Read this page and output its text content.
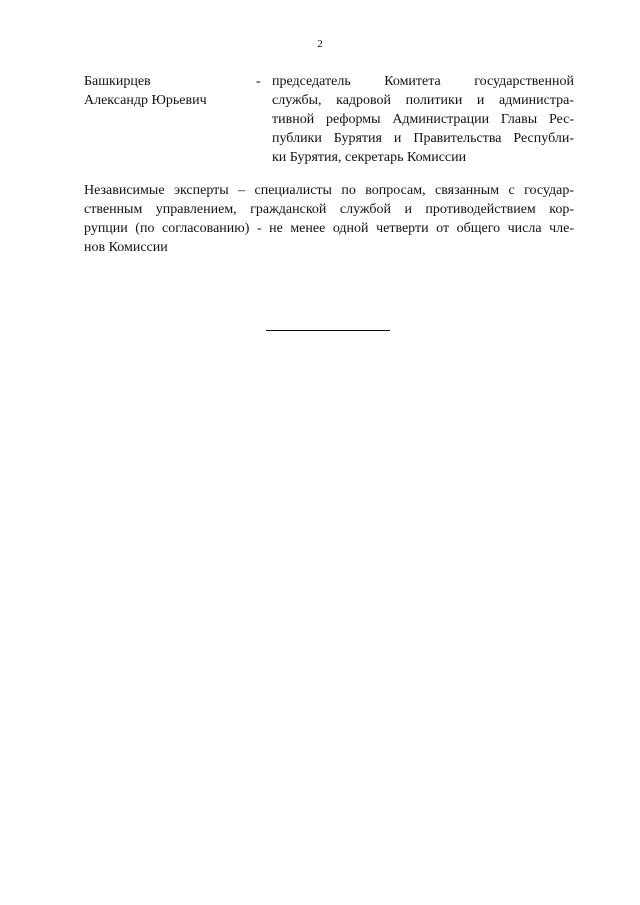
2
Башкирцев
Александр Юрьевич
- председатель Комитета государственной
службы, кадровой политики и администра-
тивной реформы Администрации Главы Рес-
публики Бурятия и Правительства Республи-
ки Бурятия, секретарь Комиссии
Независимые эксперты – специалисты по вопросам, связанным с государ-
ственным управлением, гражданской службой и противодействием кор-
рупции (по согласованию) - не менее одной четверти от общего числа чле-
нов Комиссии
